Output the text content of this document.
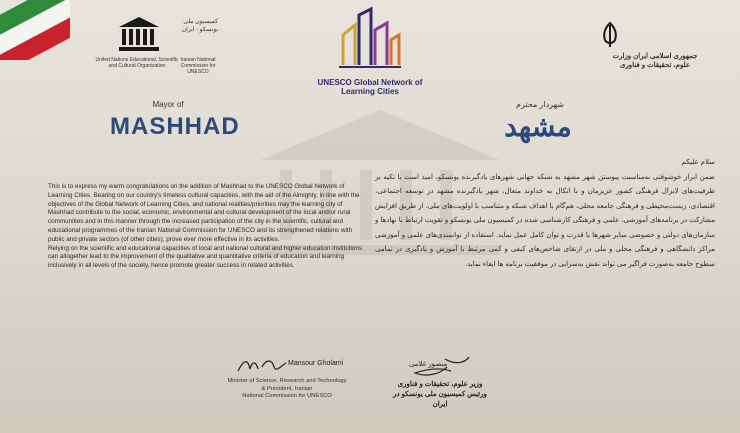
United Nations Educational, Scientific and Cultural Organization
کمیسیون ملی یونسکو - ایران
Iranian National Commission for UNESCO
UNESCO Global Network of Learning Cities
جمهوری اسلامی ایران وزارت علوم، تحقیقات و فناوری
Mayor of
MASHHAD
شهردار محترم
مشهد

This is to express my warm congratulations on the addition of Mashhad to the UNESCO Global Network of Learning Cities. Bearing on our country's timeless cultural capacities, with the aid of the Almighty, in line with the objectives of the Global Network of Learning Cities, and national realities/priorities may the learning city of Mashhad contribute to the social, economic, environmental and cultural development of the local and/or rural communities and in this manner through the increased participation of the city in the scientific, cultural and educational programmes of the Iranian National Commission for UNESCO and its strengthened relations with public and private sectors (of other cities), prove ever more effective in its activities.

Relying on the scientific and educational capacities of local and national cultural and higher education institutions can altogether lead to the improvement of the qualitative and quantitative criteria of education and learning inclusively in all levels of the society, hence promote greater success in related activities.

سلام علیکم

ضمن ابراز خوشوقتی به‌مناسبت پیوستن شهر مشهد به شبکه جهانی شهرهای یادگیرنده یونسکو، امید است با تکیه بر ظرفیت‌های لایزال فرهنگی کشور عزیزمان و با اتکال به خداوند متعال، شهر یادگیرنده مشهد در توسعه اجتماعی، اقتصادی، زیست‌محیطی و فرهنگی جامعه محلی، هم‌گام با اهداف شبکه و متناسب با اولویت‌های ملی، از طریق افزایش مشارکت در برنامه‌های آموزشی، علمی و فرهنگی کارشناسی شده در کمیسیون ملی یونسکو و تقویت ارتباط با نهادها و سازمان‌های دولتی و خصوصی سایر شهرها با قدرت و توان کامل عمل نماید. استفاده از توانمندی‌های علمی و آموزشی مراکز دانشگاهی و فرهنگی محلی و ملی در ارتقای شاخص‌های کیفی و کمی مرتبط با آموزش و یادگیری در تمامی سطوح جامعه به‌صورت فراگیر می تواند نقش به‌سزایی در موفقیت برنامه ها ایفاء نماید.

Mansour Gholami
Minister of Science, Research and Technology
& President, Iranian
National Commission for UNESCO
منصور غلامی
وزیر علوم، تحقیقات و فناوری
ورئیس کمیسیون ملی یونسکو در ایران
